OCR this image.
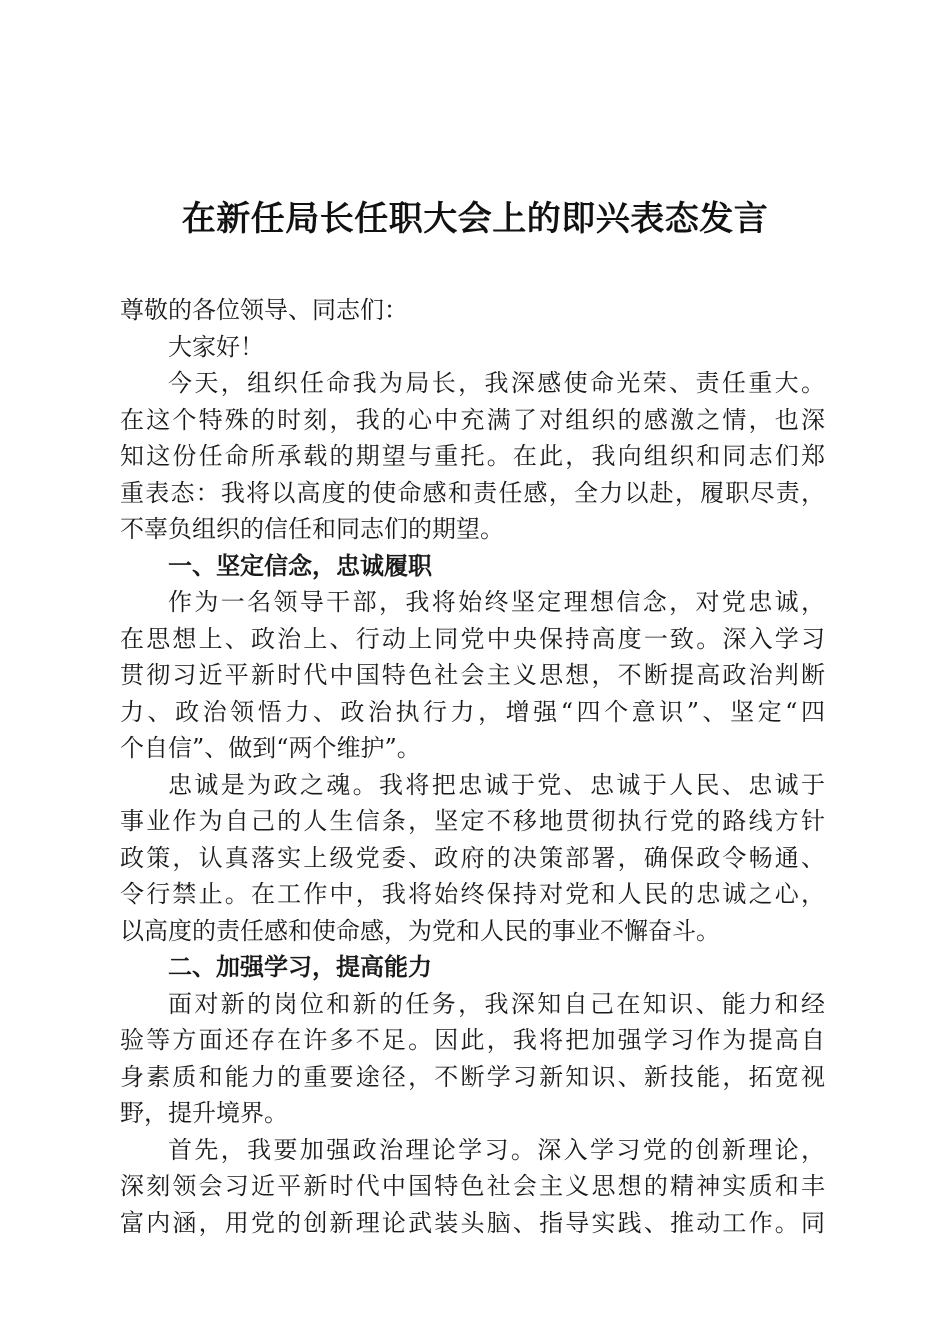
在新任局长任职大会上的即兴表态发言
尊敬的各位领导、同志们：
大家好！
今天，组织任命我为局长，我深感使命光荣、责任重大。
在这个特殊的时刻，我的心中充满了对组织的感激之情，也深
知这份任命所承载的期望与重托。在此，我向组织和同志们郑
重表态：我将以高度的使命感和责任感，全力以赴，履职尽责，
不辜负组织的信任和同志们的期望。
一、坚定信念，忠诚履职
作为一名领导干部，我将始终坚定理想信念，对党忠诚，
在思想上、政治上、行动上同党中央保持高度一致。深入学习
贯彻习近平新时代中国特色社会主义思想，不断提高政治判断
力、政治领悟力、政治执行力，增强“四个意识”、坚定“四
个自信”、做到“两个维护”。
忠诚是为政之魂。我将把忠诚于党、忠诚于人民、忠诚于
事业作为自己的人生信条，坚定不移地贯彻执行党的路线方针
政策，认真落实上级党委、政府的决策部署，确保政令畅通、
令行禁止。在工作中，我将始终保持对党和人民的忠诚之心，
以高度的责任感和使命感，为党和人民的事业不懈奋斗。
二、加强学习，提高能力
面对新的岗位和新的任务，我深知自己在知识、能力和经
验等方面还存在许多不足。因此，我将把加强学习作为提高自
身素质和能力的重要途径，不断学习新知识、新技能，拓宽视
野，提升境界。
首先，我要加强政治理论学习。深入学习党的创新理论，
深刻领会习近平新时代中国特色社会主义思想的精神实质和丰
富内涵，用党的创新理论武装头脑、指导实践、推动工作。同
